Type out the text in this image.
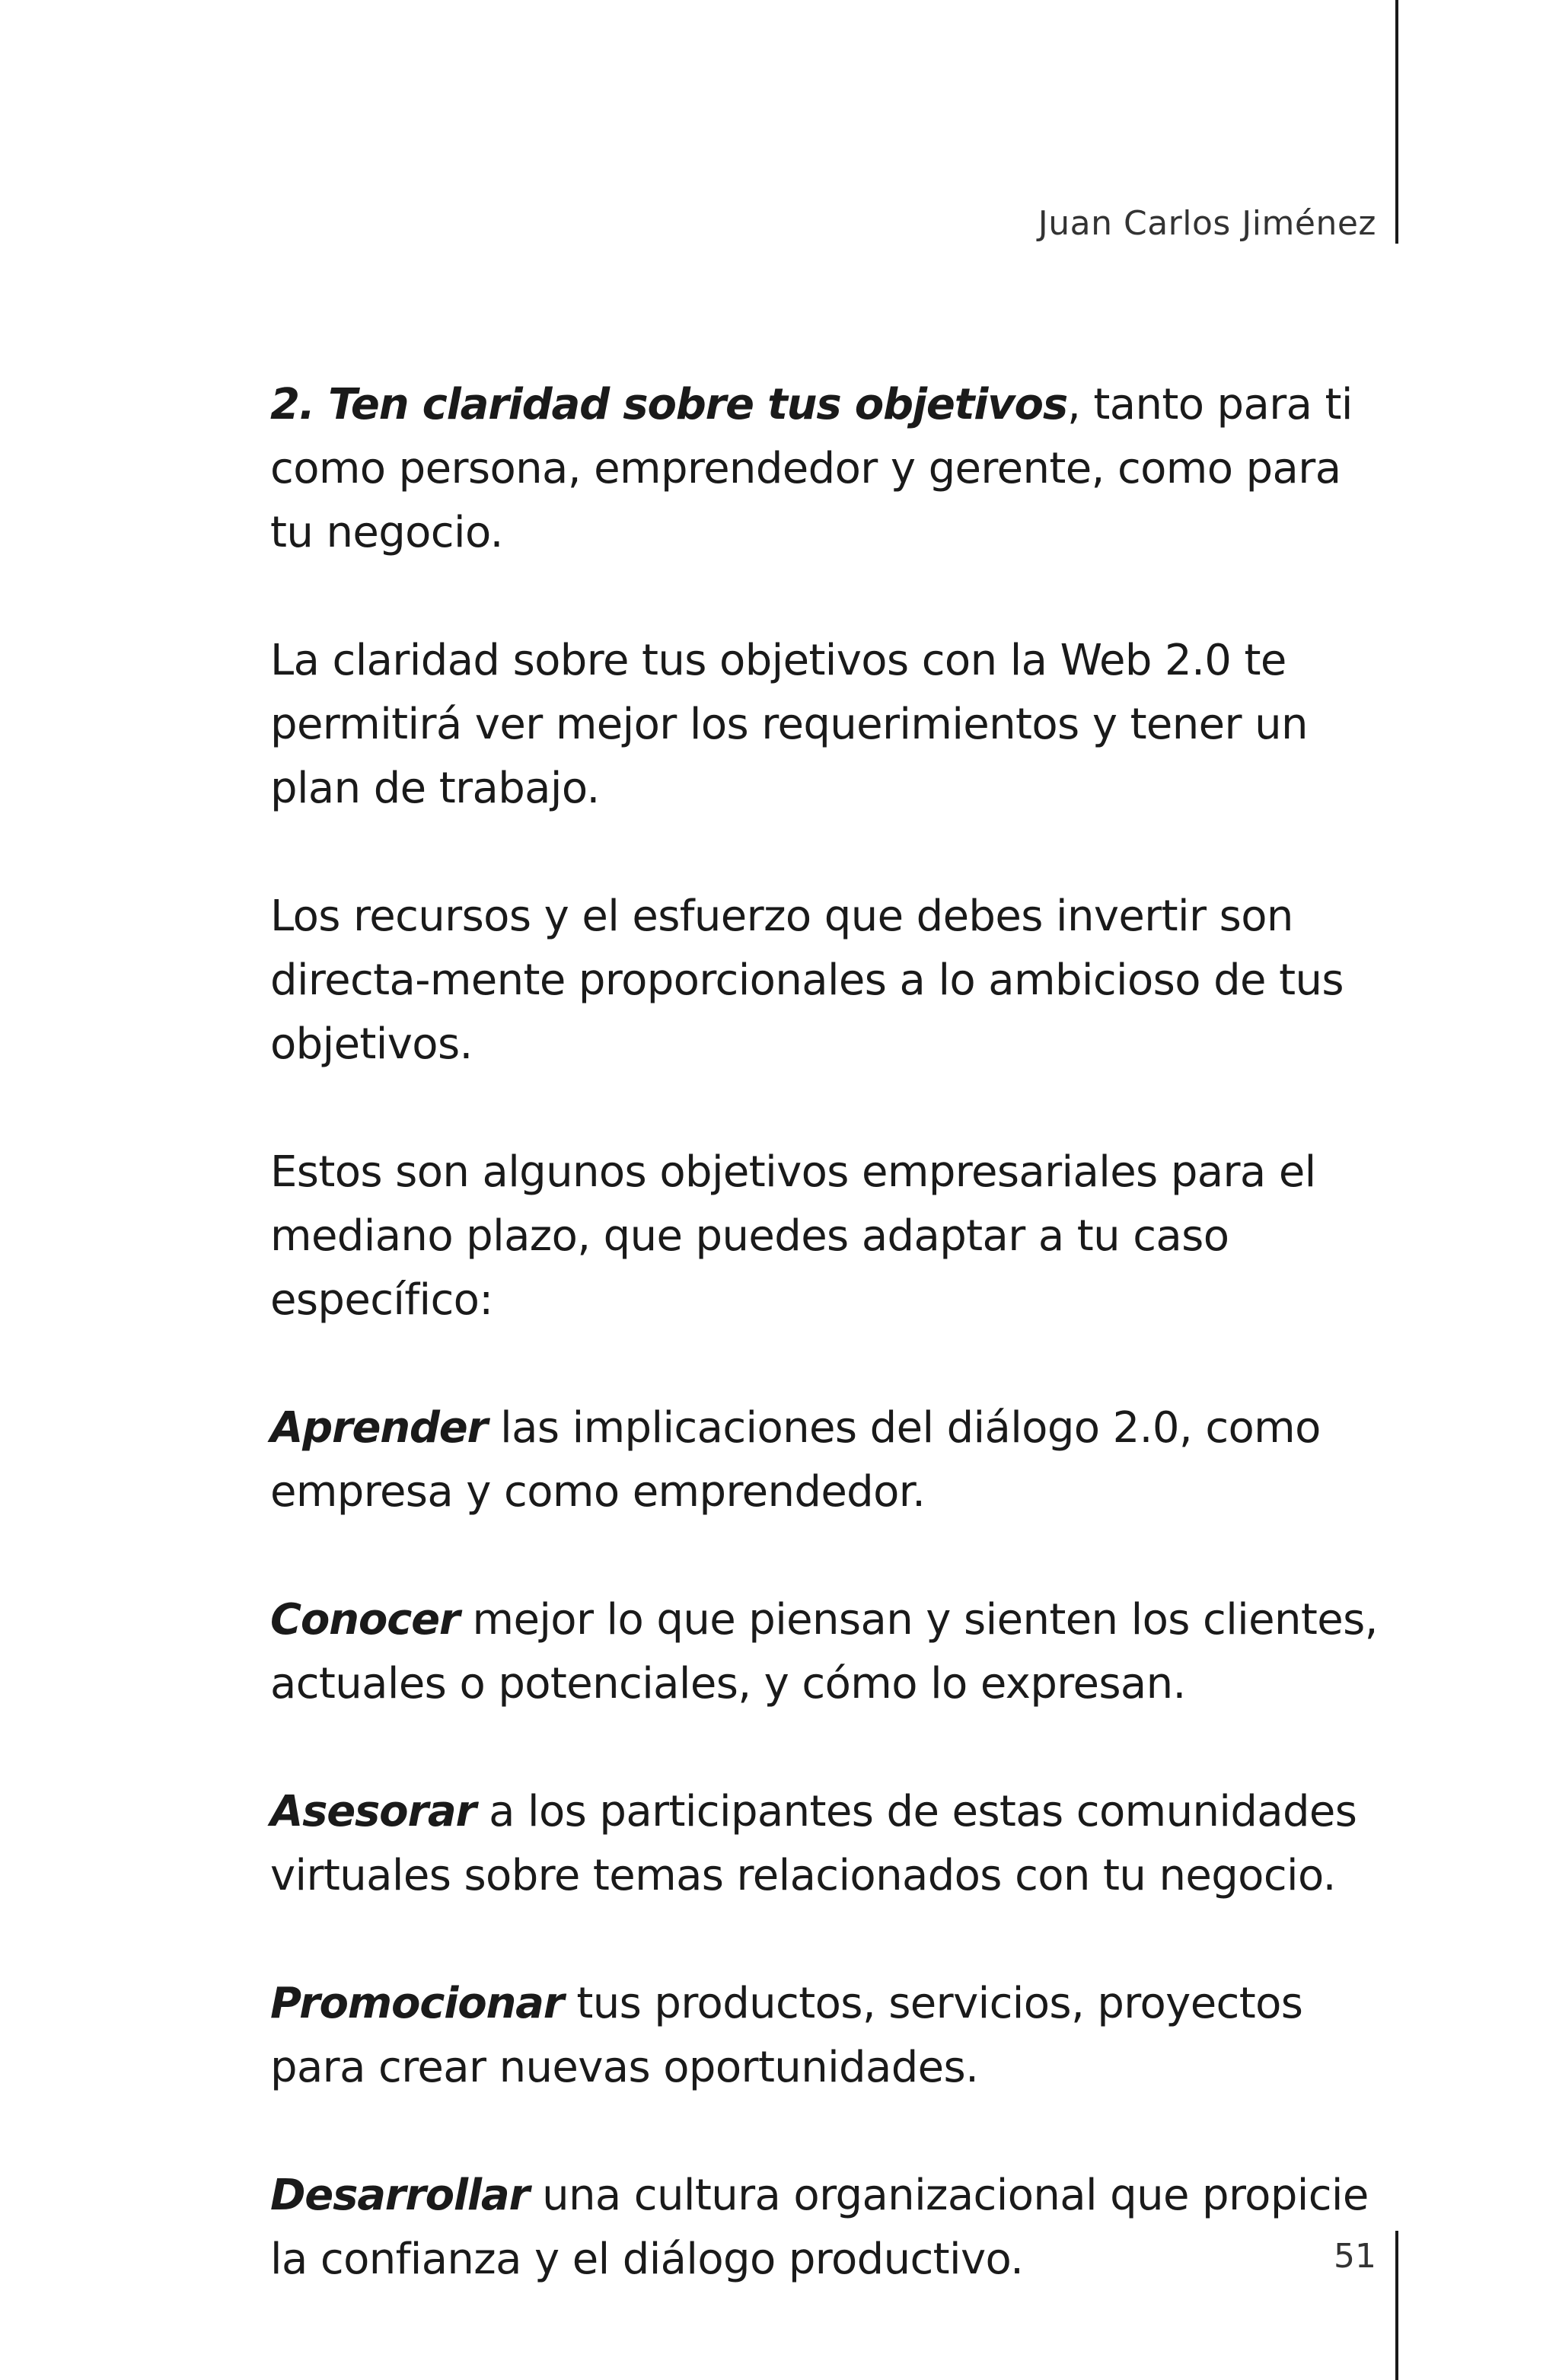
Juan Carlos Jiménez

2. Ten claridad sobre tus objetivos, tanto para ti como persona, emprendedor y gerente, como para tu negocio.

La claridad sobre tus objetivos con la Web 2.0 te permitirá ver mejor los requerimientos y tener un plan de trabajo.

Los recursos y el esfuerzo que debes invertir son directa-mente proporcionales a lo ambicioso de tus objetivos.

Estos son algunos objetivos empresariales para el mediano plazo, que puedes adaptar a tu caso específico:

Aprender las implicaciones del diálogo 2.0, como empresa y como emprendedor.

Conocer mejor lo que piensan y sienten los clientes, actuales o potenciales, y cómo lo expresan.

Asesorar a los participantes de estas comunidades virtuales sobre temas relacionados con tu negocio.

Promocionar tus productos, servicios, proyectos para crear nuevas oportunidades.

Desarrollar una cultura organizacional que propicie la confianza y el diálogo productivo.	51
